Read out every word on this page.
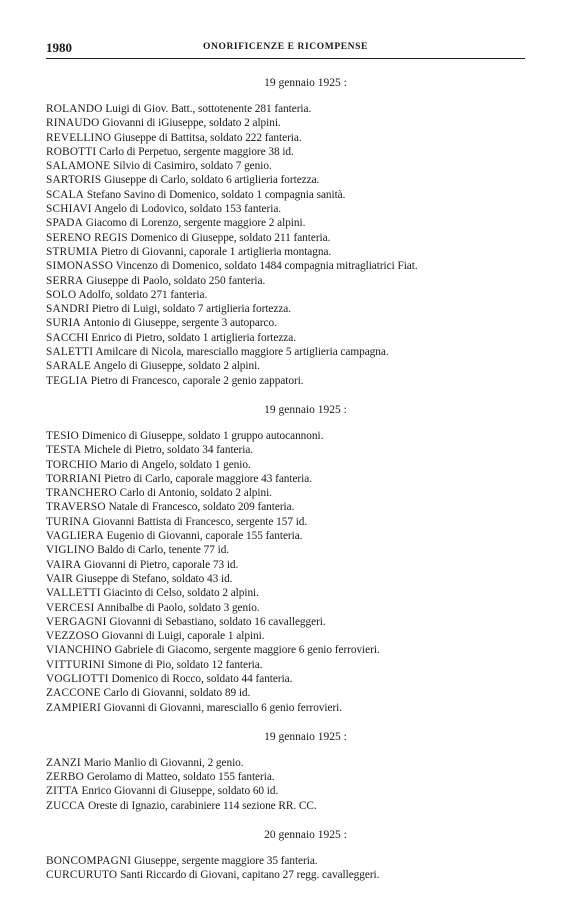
1980	ONORIFICENZE E RICOMPENSE
19 gennaio 1925 :
ROLANDO Luigi di Giov. Batt., sottotenente 281 fanteria.
RINAUDO Giovanni di iGiuseppe, soldato 2 alpini.
REVELLINO Giuseppe di Battitsa, soldato 222 fanteria.
ROBOTTI Carlo di Perpetuo, sergente maggiore 38 id.
SALAMONE Silvio di Casimiro, soldato 7 genio.
SARTORIS Giuseppe di Carlo, soldato 6 artiglieria fortezza.
SCALA Stefano Savino di Domenico, soldato 1 compagnia sanità.
SCHIAVI Angelo di Lodovico, soldato 153 fanteria.
SPADA Giacomo di Lorenzo, sergente maggiore 2 alpini.
SERENO REGIS Domenico di Giuseppe, soldato 211 fanteria.
STRUMIA Pietro di Giovanni, caporale 1 artiglieria montagna.
SIMONASSO Vincenzo di Domenico, soldato 1484 compagnia mitragliatrici Fiat.
SERRA Giuseppe di Paolo, soldato 250 fanteria.
SOLO Adolfo, soldato 271 fanteria.
SANDRI Pietro di Luigi, soldato 7 artiglieria fortezza.
SURIA Antonio di Giuseppe, sergente 3 autoparco.
SACCHI Enrico di Pietro, soldato 1 artiglieria fortezza.
SALETTI Amilcare di Nicola, maresciallo maggiore 5 artiglieria campagna.
SARALE Angelo di Giuseppe, soldato 2 alpini.
TEGLIA Pietro di Francesco, caporale 2 genio zappatori.
19 gennaio 1925 :
TESIO Dimenico di Giuseppe, soldato 1 gruppo autocannoni.
TESTA Michele di Pietro, soldato 34 fanteria.
TORCHIO Mario di Angelo, soldato 1 genio.
TORRIANI Pietro di Carlo, caporale maggiore 43 fanteria.
TRANCHERO Carlo di Antonio, soldato 2 alpini.
TRAVERSO Natale di Francesco, soldato 209 fanteria.
TURINA Giovanni Battista di Francesco, sergente 157 id.
VAGLIERA Eugenio di Giovanni, caporale 155 fanteria.
VIGLINO Baldo di Carlo, tenente 77 id.
VAIRA Giovanni di Pietro, caporale 73 id.
VAIR Giuseppe di Stefano, soldato 43 id.
VALLETTI Giacinto di Celso, soldato 2 alpini.
VERCESI Annibalbe di Paolo, soldato 3 genio.
VERGAGNI Giovanni di Sebastiano, soldato 16 cavalleggeri.
VEZZOSO Giovanni di Luigi, caporale 1 alpini.
VIANCHINO Gabriele di Giacomo, sergente maggiore 6 genio ferrovieri.
VITTURINI Simone di Pio, soldato 12 fanteria.
VOGLIOTTI Domenico di Rocco, soldato 44 fanteria.
ZACCONE Carlo di Giovanni, soldato 89 id.
ZAMPIERI Giovanni di Giovanni, maresciallo 6 genio ferrovieri.
19 gennaio 1925 :
ZANZI Mario Manlio di Giovanni, 2 genio.
ZERBO Gerolamo di Matteo, soldato 155 fanteria.
ZITTA Enrico Giovanni di Giuseppe, soldato 60 id.
ZUCCA Oreste di Ignazio, carabiniere 114 sezione RR. CC.
20 gennaio 1925 :
BONCOMPAGNI Giuseppe, sergente maggiore 35 fanteria.
CURCURUTO Santi Riccardo di Giovani, capitano 27 regg. cavalleggeri.
